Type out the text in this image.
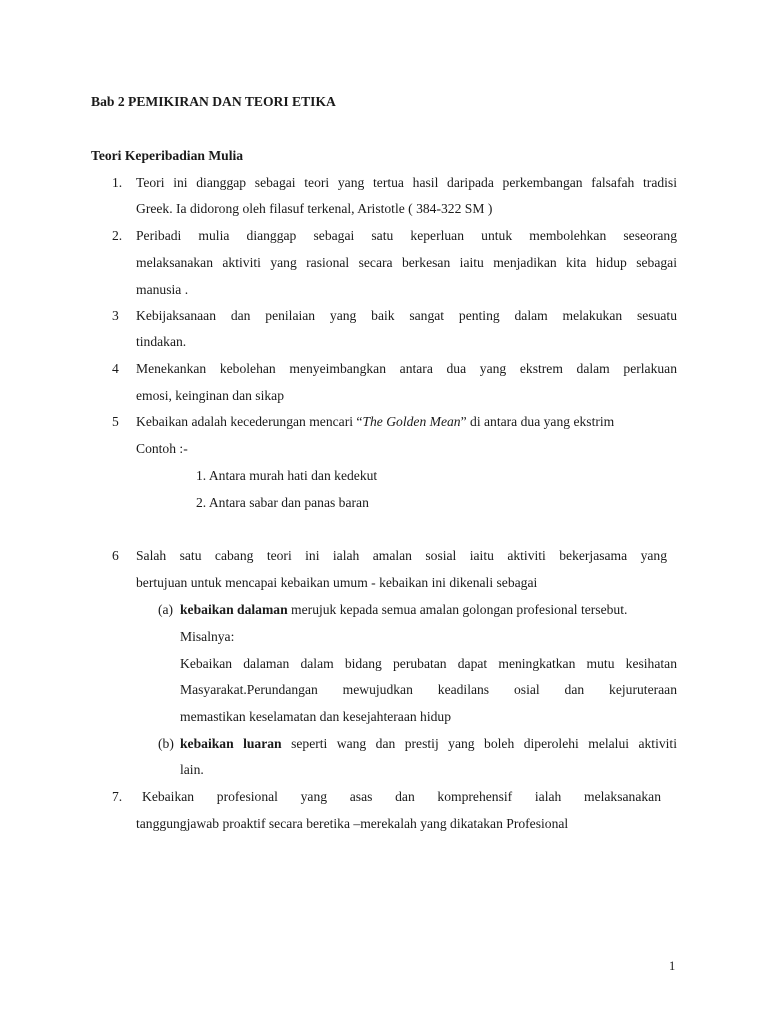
Bab 2 PEMIKIRAN DAN TEORI ETIKA
Teori Keperibadian Mulia
1. Teori ini dianggap sebagai teori yang tertua hasil daripada perkembangan falsafah tradisi
Greek. Ia didorong oleh filasuf terkenal, Aristotle ( 384-322 SM )
2. Peribadi mulia dianggap sebagai satu keperluan untuk membolehkan seseorang
melaksanakan aktiviti yang rasional secara berkesan iaitu menjadikan kita hidup sebagai
manusia .
3 Kebijaksanaan dan penilaian yang baik sangat penting dalam melakukan sesuatu
tindakan.
4 Menekankan kebolehan menyeimbangkan antara dua yang ekstrem dalam perlakuan
emosi, keinginan dan sikap
5 Kebaikan adalah kecederungan mencari “The Golden Mean” di antara dua yang ekstrim
Contoh :-
1. Antara murah hati dan kedekut
2. Antara sabar dan panas baran
6 Salah satu cabang teori ini ialah amalan sosial iaitu aktiviti bekerjasama yang
bertujuan untuk mencapai kebaikan umum - kebaikan ini dikenali sebagai
(a) kebaikan dalaman merujuk kepada semua amalan golongan profesional tersebut.
Misalnya:
Kebaikan dalaman dalam bidang perubatan dapat meningkatkan mutu kesihatan
Masyarakat.Perundangan mewujudkan keadilans osial dan kejuruteraan
memastikan keselamatan dan kesejahteraan hidup
(b) kebaikan luaran seperti wang dan prestij yang boleh diperolehi melalui aktiviti
lain.
7. Kebaikan profesional yang asas dan komprehensif ialah melaksanakan
tanggungjawab proaktif secara beretika –merekalah yang dikatakan Profesional
1
